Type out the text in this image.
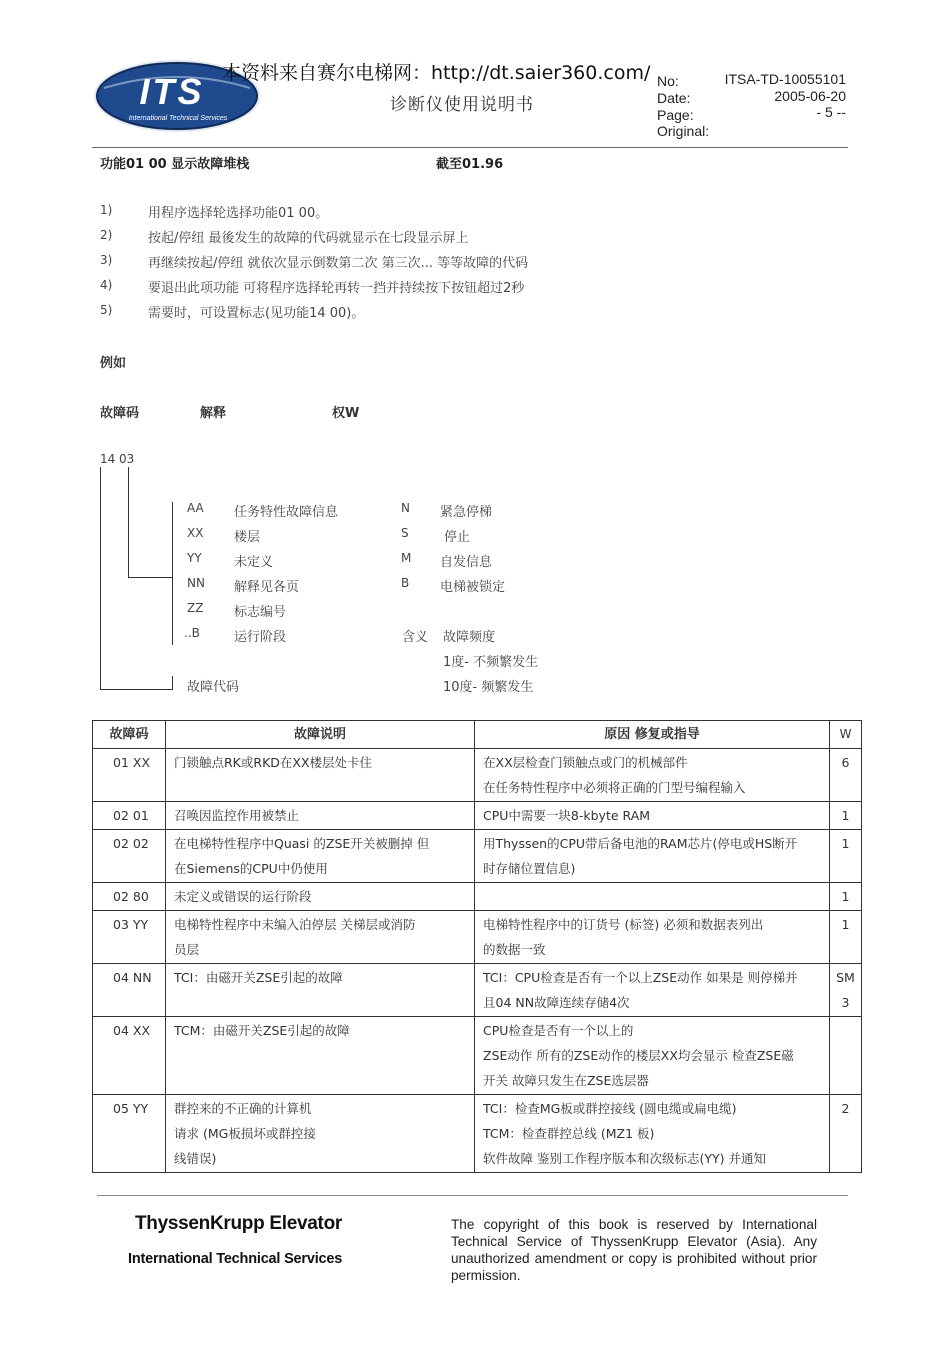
ITS
International Technical Services
本资料来自赛尔电梯网：http://dt.saier360.com/
诊断仪使用说明书
No:	ITSA-TD-10055101
Date:	2005-06-20
Page:	- 5 --
Original:
功能01 00 显示故障堆栈	截至01.96
1)	用程序选择轮选择功能01 00。
2)	按起/停纽 最後发生的故障的代码就显示在七段显示屏上
3)	再继续按起/停纽 就依次显示倒数第二次 第三次... 等等故障的代码
4)	要退出此项功能 可将程序选择轮再转一挡并持续按下按钮超过2秒
5)	需要时，可设置标志(见功能14 00)。
例如
故障码	解释	权W
14 03
AA 任务特性故障信息
XX 楼层
YY 未定义
NN 解释见各页
ZZ 标志编号
..B	运行阶段
N 紧急停梯
S	停止
M 自发信息
B 电梯被锁定
含义 故障频度
1度- 不频繁发生
故障代码	10度- 频繁发生
故障码	故障说明	原因 修复或指导	W
01 XX	门锁触点RK或RKD在XX楼层处卡住	在XX层检查门锁触点或门的机械部件
在任务特性程序中必须将正确的门型号编程输入	6

02 01	召唤因监控作用被禁止	CPU中需要一块8-kbyte RAM	1

02 02	在电梯特性程序中Quasi 的ZSE开关被删掉 但
在Siemens的CPU中仍使用	用Thyssen的CPU带后备电池的RAM芯片(停电或HS断开
时存储位置信息)	1

02 80	未定义或错误的运行阶段		1

03 YY	电梯特性程序中未编入泊停层 关梯层或消防
员层	电梯特性程序中的订货号 (标签) 必须和数据表列出
的数据一致	1

04 NN	TCI：由磁开关ZSE引起的故障	TCI：CPU检查是否有一个以上ZSE动作 如果是 则停梯并
且04 NN故障连续存储4次	SM
3

04 XX	TCM：由磁开关ZSE引起的故障	CPU检查是否有一个以上的
ZSE动作 所有的ZSE动作的楼层XX均会显示 检查ZSE磁
开关 故障只发生在ZSE选层器	

05 YY	群控来的不正确的计算机
请求 (MG板损坏或群控接
线错误)	TCI：检查MG板或群控接线 (圆电缆或扁电缆)
TCM：检查群控总线 (MZ1 板)
软件故障 鉴别工作程序版本和次级标志(YY) 并通知	2
ThyssenKrupp Elevator
International Technical Services
The copyright of this book is reserved by International Technical Service of ThyssenKrupp Elevator (Asia). Any unauthorized amendment or copy is prohibited without prior permission.
